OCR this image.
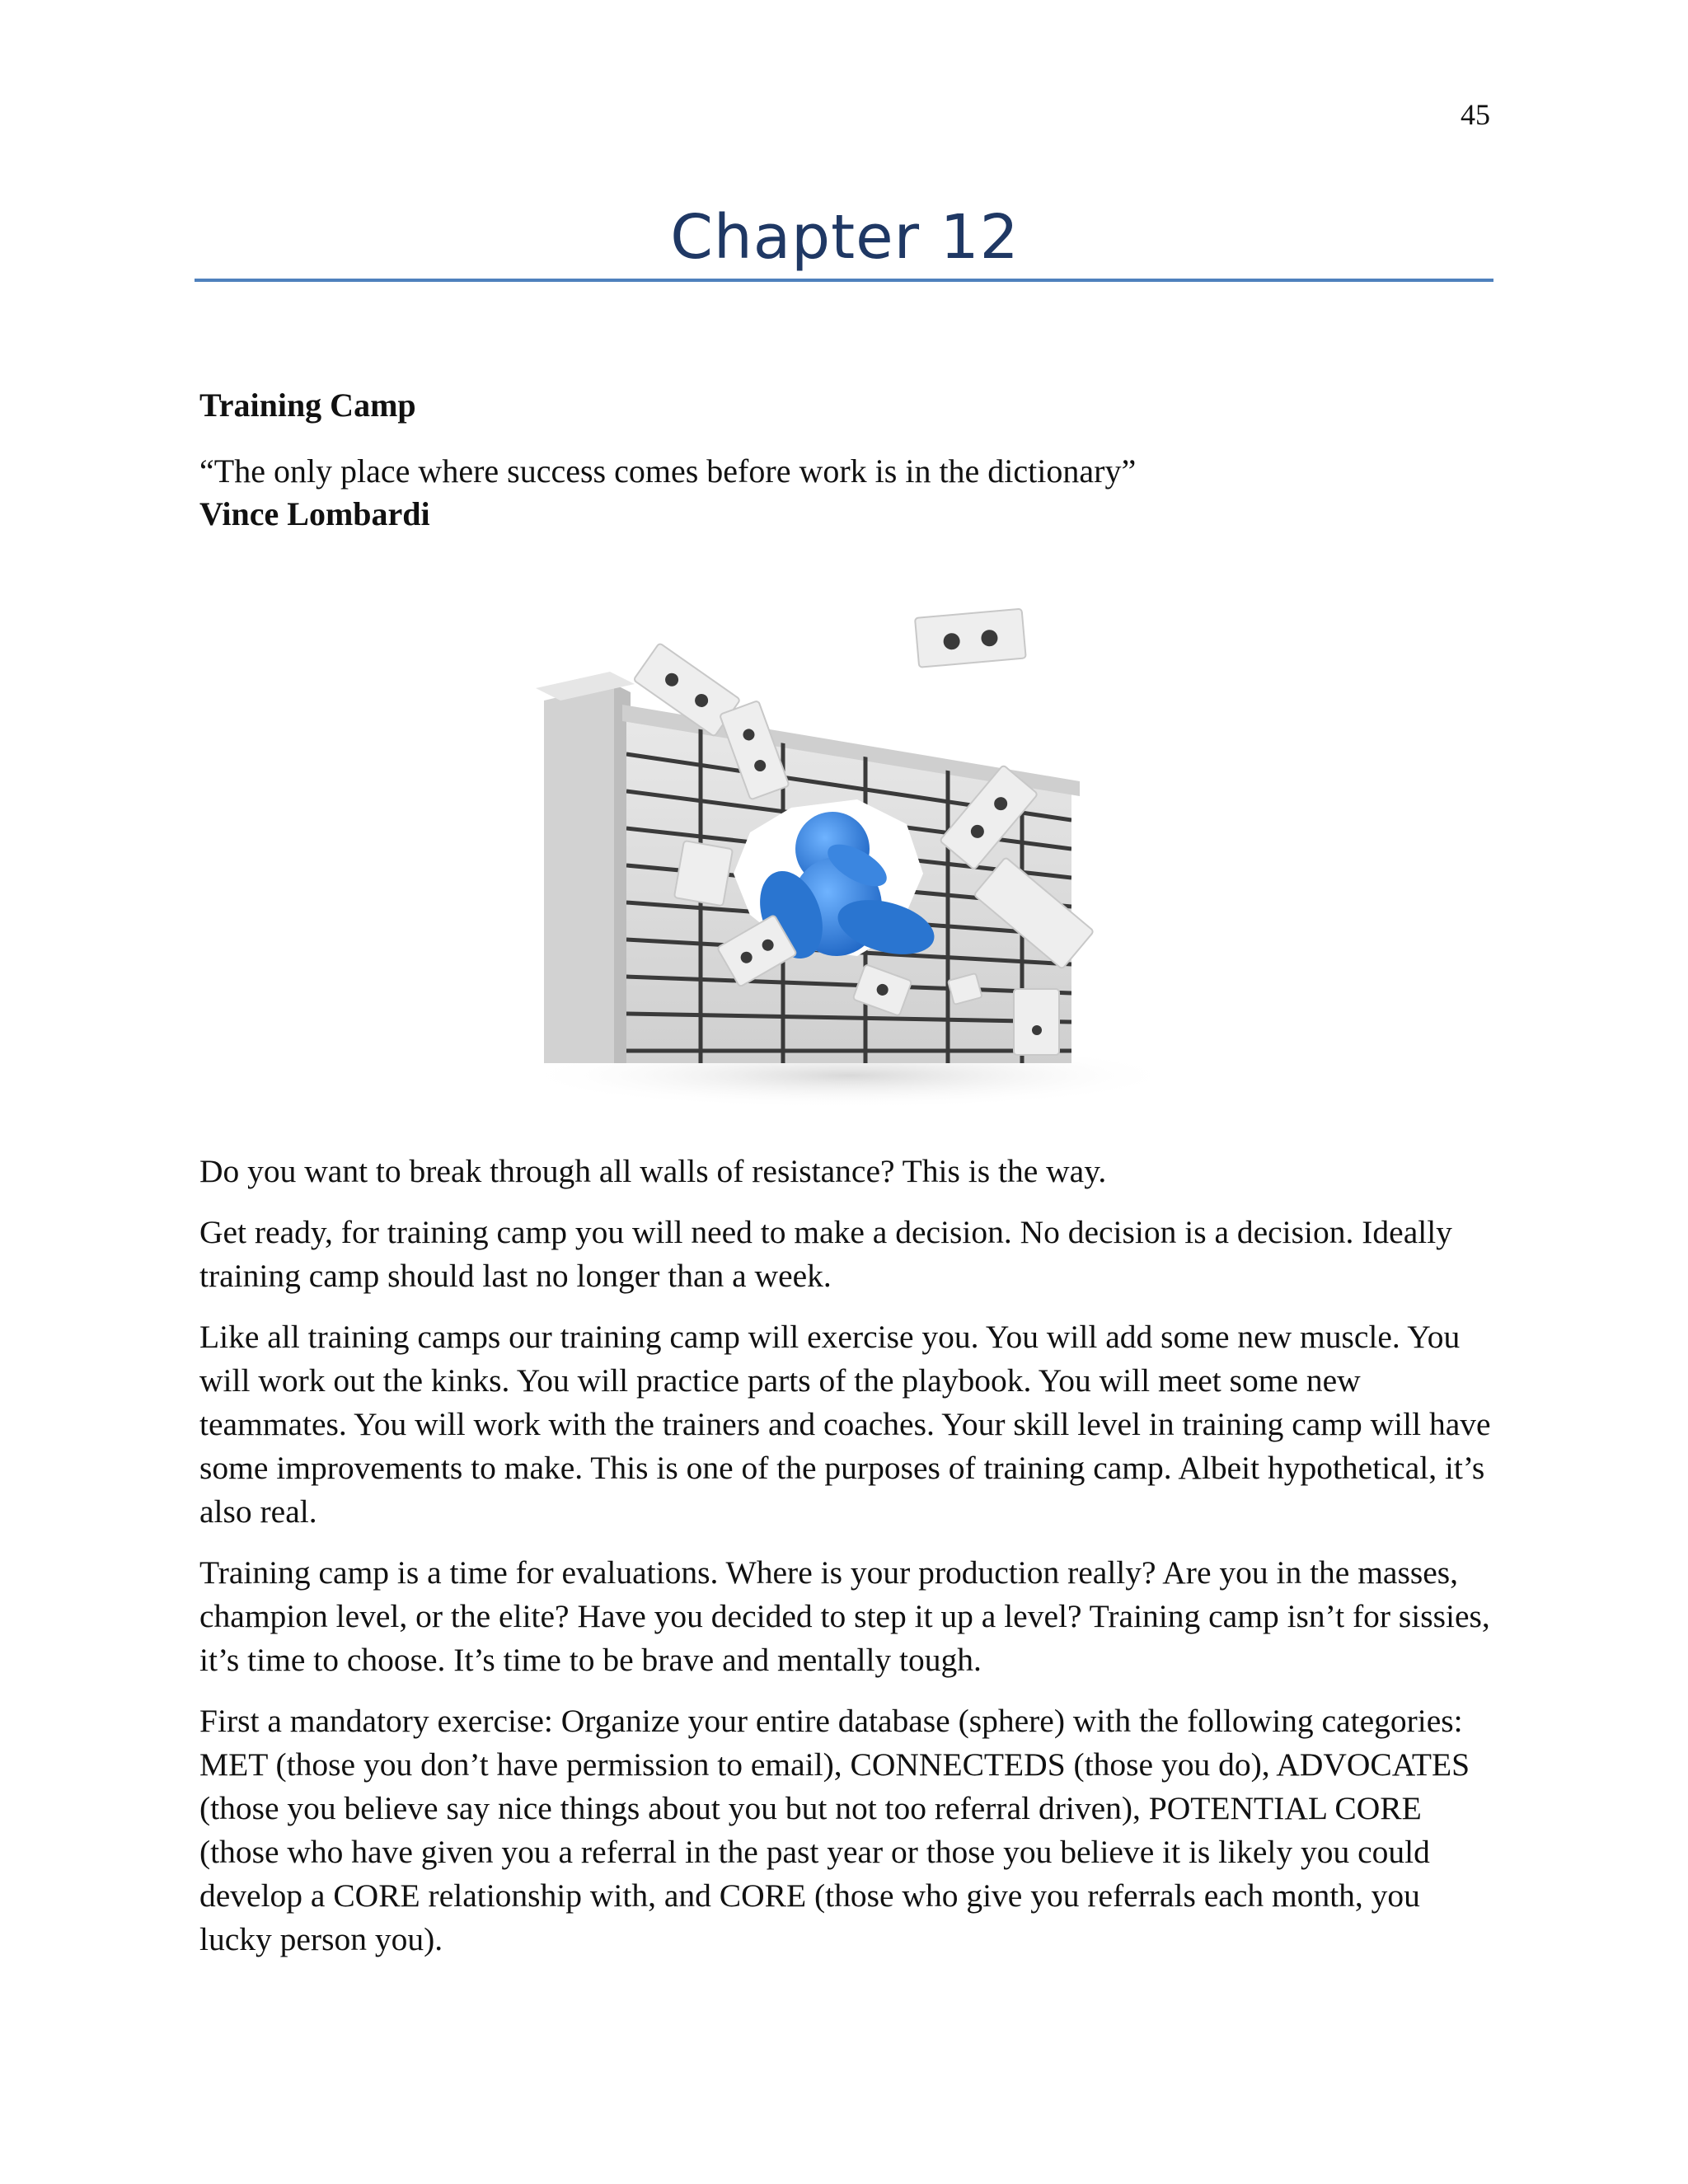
45
Chapter 12
Training Camp
“The only place where success comes before work is in the dictionary”
Vince Lombardi

Do you want to break through all walls of resistance? This is the way.

Get ready, for training camp you will need to make a decision. No decision is a decision. Ideally training camp should last no longer than a week.

Like all training camps our training camp will exercise you. You will add some new muscle. You will work out the kinks. You will practice parts of the playbook. You will meet some new teammates. You will work with the trainers and coaches. Your skill level in training camp will have some improvements to make. This is one of the purposes of training camp. Albeit hypothetical, it’s also real.

Training camp is a time for evaluations. Where is your production really? Are you in the masses, champion level, or the elite? Have you decided to step it up a level? Training camp isn’t for sissies, it’s time to choose. It’s time to be brave and mentally tough.

First a mandatory exercise: Organize your entire database (sphere) with the following categories: MET (those you don’t have permission to email), CONNECTEDS (those you do), ADVOCATES (those you believe say nice things about you but not too referral driven), POTENTIAL CORE (those who have given you a referral in the past year or those you believe it is likely you could develop a CORE relationship with, and CORE (those who give you referrals each month, you lucky person you).
